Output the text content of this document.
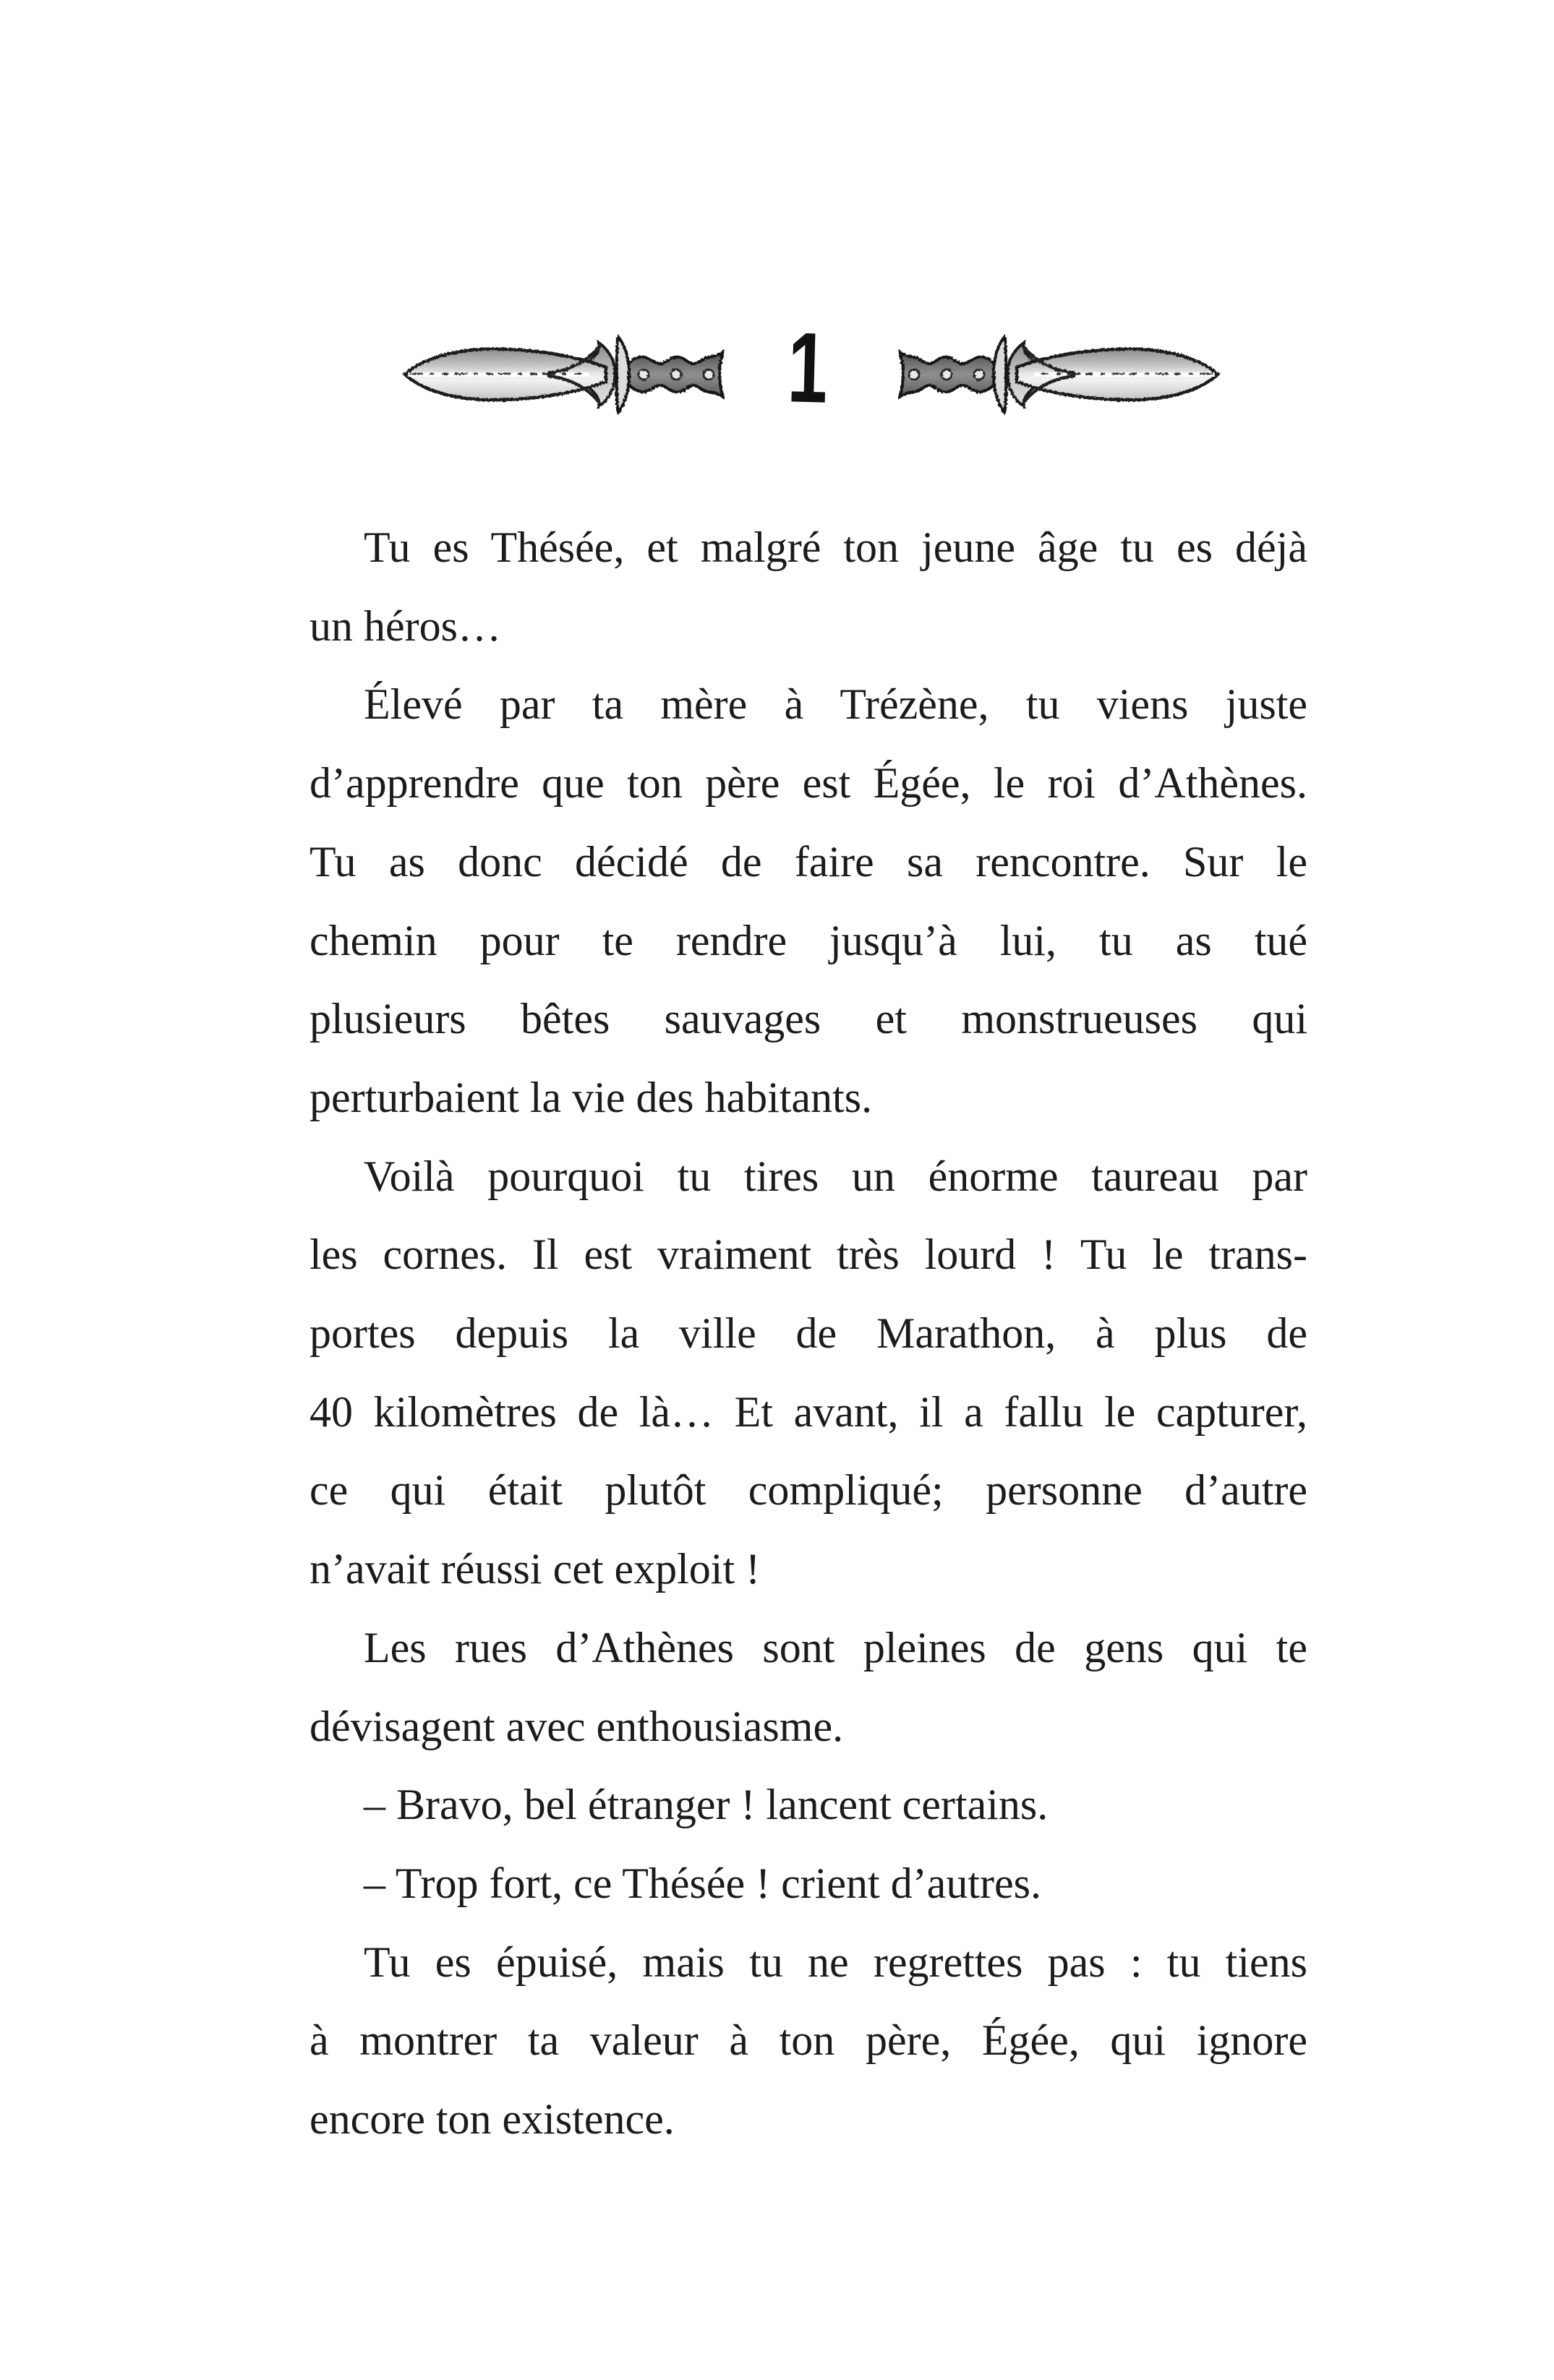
1
Tu es Thésée, et malgré ton jeune âge tu es déjà
un héros…
Élevé par ta mère à Trézène, tu viens juste
d’apprendre que ton père est Égée, le roi d’Athènes.
Tu as donc décidé de faire sa rencontre. Sur le
chemin pour te rendre jusqu’à lui, tu as tué
plusieurs bêtes sauvages et monstrueuses qui
perturbaient la vie des habitants.
Voilà pourquoi tu tires un énorme taureau par
les cornes. Il est vraiment très lourd ! Tu le trans-
portes depuis la ville de Marathon, à plus de
40 kilomètres de là… Et avant, il a fallu le capturer,
ce qui était plutôt compliqué; personne d’autre
n’avait réussi cet exploit !
Les rues d’Athènes sont pleines de gens qui te
dévisagent avec enthousiasme.
– Bravo, bel étranger ! lancent certains.
– Trop fort, ce Thésée ! crient d’autres.
Tu es épuisé, mais tu ne regrettes pas : tu tiens
à montrer ta valeur à ton père, Égée, qui ignore
encore ton existence.
